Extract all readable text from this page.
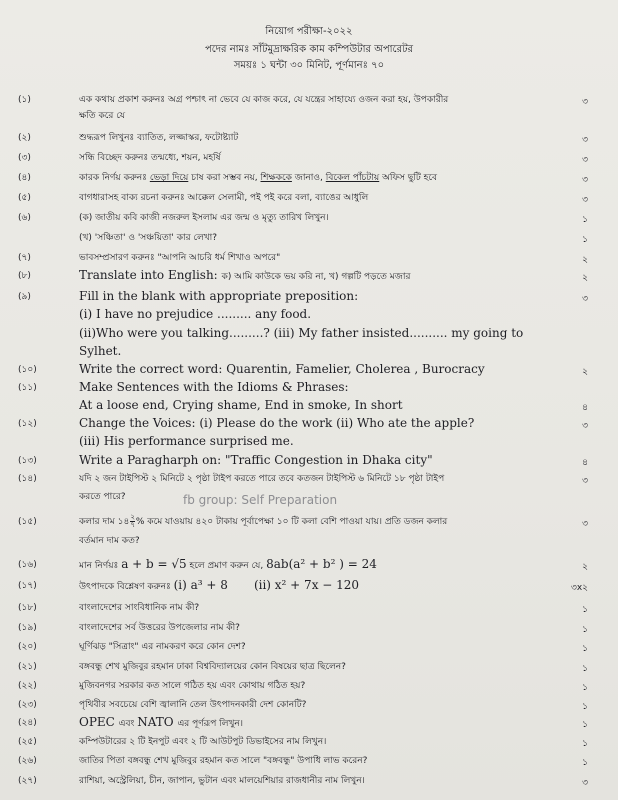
নিয়োগ পরীক্ষা-২০২২
পদের নামঃ সাঁটমুদ্রাক্ষরিক কাম কম্পিউটার অপারেটর
সময়ঃ ১ ঘন্টা ৩০ মিনিট, পূর্ণমানঃ ৭০
(১)	এক কথায় প্রকাশ করুনঃ অগ্র পশ্চাৎ না ভেবে যে কাজ করে, যে যন্ত্রের সাহায্যে ওজন করা হয়, উপকারীর	৩
ক্ষতি করে যে
(২)	শুদ্ধরূপ লিখুনঃ ব্যাতিত, লজ্জাস্কর, ফটোষ্ট্যাট	৩
(৩)	সন্ধি বিচ্ছেদ করুনঃ তন্মধ্যে, শয়ন, মহর্ষি	৩
(৪)	কারক নির্ণয় করুনঃ ভেড়া দিয়ে চাষ করা সম্ভব নয়, শিক্ষককে জানাও, বিকেল পাঁচটায় অফিস ছুটি হবে	৩
(৫)	বাগধারাসহ বাক্য রচনা করুনঃ আক্কেল সেলামী, পই পই করে বলা, ব্যাঙের আধুলি	৩
(৬)	(ক) জাতীয় কবি কাজী নজরুল ইসলাম এর জন্ম ও মৃত্যু তারিখ লিখুন।	১
(খ) 'সঞ্চিতা' ও 'সঞ্চয়িতা' কার লেখা?	১
(৭)	ভাবসম্প্রসারণ করুনঃ "আপনি আচরি ধর্ম শিখাও অপরে"	২
(৮)	Translate into English: ক) আমি কাউকে ভয় করি না, খ) গল্পটি পড়তে মজার	২
(৯)	Fill in the blank with appropriate preposition:	৩
(i) I have no prejudice ......... any food.
(ii)Who were you talking.........? (iii) My father insisted.......... my going to
Sylhet.
(১০)	Write the correct word: Quarentin, Famelier, Cholerea , Burocracy	২
(১১)	Make Sentences with the Idioms & Phrases:
At a loose end, Crying shame, End in smoke, In short	৪
(১২)	Change the Voices: (i) Please do the work (ii) Who ate the apple?	৩
(iii) His performance surprised me.
(১৩)	Write a Paragharph on: "Traffic Congestion in Dhaka city"	৪
(১৪)	যদি ২ জন টাইপিস্ট ২ মিনিটে ২ পৃষ্ঠা টাইপ করতে পারে তবে কতজন টাইপিস্ট ৬ মিনিটে ১৮ পৃষ্ঠা টাইপ	৩
করতে পারে?
(১৫)	কলার দাম ১৪ ২
৭ % কমে যাওয়ায় ৪২০ টাকায় পূর্বাপেক্ষা ১০ টি কলা বেশি পাওয়া যায়। প্রতি ডজন কলার	৩
বর্তমান দাম কত?
(১৬)	মান নির্ণয়ঃ a + b = √5 হলে প্রমাণ করুন যে, 8ab(a² + b² ) = 24	২
(১৭)	উৎপাদকে বিশ্লেষণ করুনঃ (i) a³ + 8 (ii) x² + 7x − 120	৩x২
(১৮)	বাংলাদেশের সাংবিধানিক নাম কী?	১
(১৯)	বাংলাদেশের সর্ব উত্তরের উপজেলার নাম কী?	১
(২০)	ঘূর্ণিঝড় "সিত্রাং" এর নামকরণ করে কোন দেশ?	১
(২১)	বঙ্গবন্ধু শেখ মুজিবুর রহমান ঢাকা বিশ্ববিদ্যালয়ের কোন বিষয়ের ছাত্র ছিলেন?	১
(২২)	মুজিবনগর সরকার কত সালে গঠিত হয় এবং কোথায় গঠিত হয়?	১
(২৩)	পৃথিবীর সবচেয়ে বেশি জ্বালানি তেল উৎপাদনকারী দেশ কোনটি?	১
(২৪)	OPEC এবং NATO এর পূর্ণরূপ লিখুন।	১
(২৫)	কম্পিউটারের ২ টি ইনপুট এবং ২ টি আউটপুট ডিভাইসের নাম লিখুন।	১
(২৬)	জাতির পিতা বঙ্গবন্ধু শেখ মুজিবুর রহমান কত সালে "বঙ্গবন্ধু" উপাধি লাভ করেন?	১
(২৭)	রাশিয়া, অস্ট্রেলিয়া, চীন, জাপান, ভুটান এবং মালয়েশিয়ার রাজধানীর নাম লিখুন।	৩
fb group: Self Preparation
